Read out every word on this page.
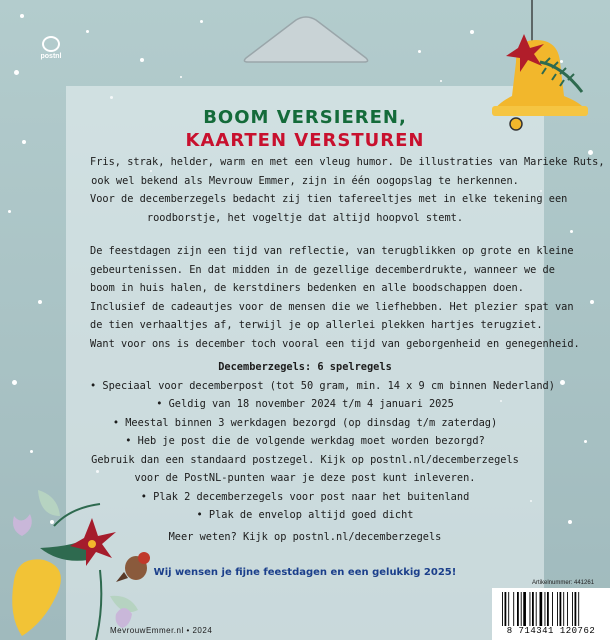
postnl
BOOM VERSIEREN,
KAARTEN VERSTUREN
Fris, strak, helder, warm en met een vleug humor. De illustraties van Marieke Ruts,
ook wel bekend als Mevrouw Emmer, zijn in één oogopslag te herkennen.
Voor de decemberzegels bedacht zij tien tafereeltjes met in elke tekening een
roodborstje, het vogeltje dat altijd hoopvol stemt.
De feestdagen zijn een tijd van reflectie, van terugblikken op grote en kleine
gebeurtenissen. En dat midden in de gezellige decemberdrukte, wanneer we de
boom in huis halen, de kerstdiners bedenken en alle boodschappen doen.
Inclusief de cadeautjes voor de mensen die we liefhebben. Het plezier spat van
de tien verhaaltjes af, terwijl je op allerlei plekken hartjes terugziet.
Want voor ons is december toch vooral een tijd van geborgenheid en genegenheid.
Decemberzegels: 6 spelregels
• Speciaal voor decemberpost (tot 50 gram, min. 14 x 9 cm binnen Nederland)
• Geldig van 18 november 2024 t/m 4 januari 2025
• Meestal binnen 3 werkdagen bezorgd (op dinsdag t/m zaterdag)
• Heb je post die de volgende werkdag moet worden bezorgd?
Gebruik dan een standaard postzegel. Kijk op postnl.nl/decemberzegels
voor de PostNL-punten waar je deze post kunt inleveren.
• Plak 2 decemberzegels voor post naar het buitenland
• Plak de envelop altijd goed dicht
Meer weten? Kijk op postnl.nl/decemberzegels
Wij wensen je fijne feestdagen en een gelukkig 2025!
Artikelnummer: 441261
8 714341 120762
MevrouwEmmer.nl • 2024
